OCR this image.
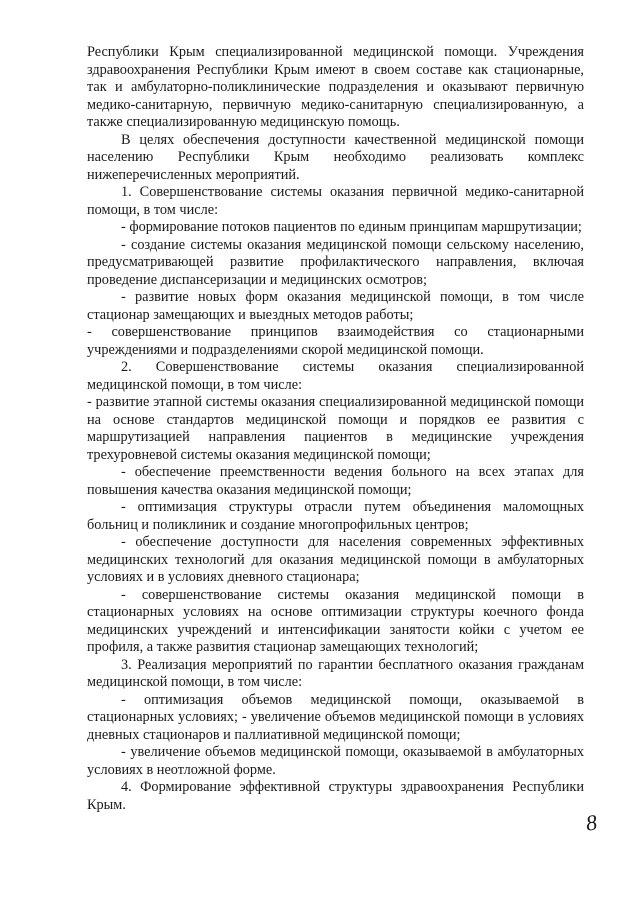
Республики Крым специализированной медицинской помощи. Учреждения здравоохранения Республики Крым имеют в своем составе как стационарные, так и амбулаторно-поликлинические подразделения и оказывают первичную медико-санитарную, первичную медико-санитарную специализированную, а также специализированную медицинскую помощь.

В целях обеспечения доступности качественной медицинской помощи населению Республики Крым необходимо реализовать комплекс нижеперечисленных мероприятий.

1. Совершенствование системы оказания первичной медико-санитарной помощи, в том числе:

- формирование потоков пациентов по единым принципам маршрутизации;

- создание системы оказания медицинской помощи сельскому населению, предусматривающей развитие профилактического направления, включая проведение диспансеризации и медицинских осмотров;

- развитие новых форм оказания медицинской помощи, в том числе стационар замещающих и выездных методов работы;

- совершенствование принципов взаимодействия со стационарными учреждениями и подразделениями скорой медицинской помощи.

2. Совершенствование системы оказания специализированной медицинской помощи, в том числе:

- развитие этапной системы оказания специализированной медицинской помощи на основе стандартов медицинской помощи и порядков ее развития с маршрутизацией направления пациентов в медицинские учреждения трехуровневой системы оказания медицинской помощи;

- обеспечение преемственности ведения больного на всех этапах для повышения качества оказания медицинской помощи;

- оптимизация структуры отрасли путем объединения маломощных больниц и поликлиник и создание многопрофильных центров;

- обеспечение доступности для населения современных эффективных медицинских технологий для оказания медицинской помощи в амбулаторных условиях и в условиях дневного стационара;

- совершенствование системы оказания медицинской помощи в стационарных условиях на основе оптимизации структуры коечного фонда медицинских учреждений и интенсификации занятости койки с учетом ее профиля, а также развития стационар замещающих технологий;

3. Реализация мероприятий по гарантии бесплатного оказания гражданам медицинской помощи, в том числе:

- оптимизация объемов медицинской помощи, оказываемой в стационарных условиях; - увеличение объемов медицинской помощи в условиях дневных стационаров и паллиативной медицинской помощи;

- увеличение объемов медицинской помощи, оказываемой в амбулаторных условиях в неотложной форме.

4. Формирование эффективной структуры здравоохранения Республики Крым.

8
